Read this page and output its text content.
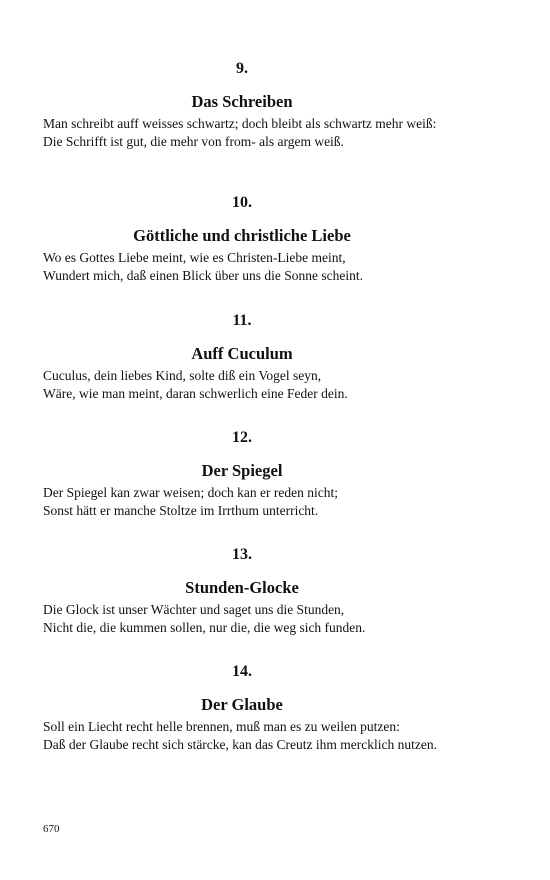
9.

Das Schreiben

Man schreibt auff weisses schwartz; doch bleibt als schwartz mehr weiß:
Die Schrifft ist gut, die mehr von from- als argem weiß.

10.

Göttliche und christliche Liebe

Wo es Gottes Liebe meint, wie es Christen-Liebe meint,
Wundert mich, daß einen Blick über uns die Sonne scheint.

11.

Auff Cuculum

Cuculus, dein liebes Kind, solte diß ein Vogel seyn,
Wäre, wie man meint, daran schwerlich eine Feder dein.

12.

Der Spiegel

Der Spiegel kan zwar weisen; doch kan er reden nicht;
Sonst hätt er manche Stoltze im Irrthum unterricht.

13.

Stunden-Glocke

Die Glock ist unser Wächter und saget uns die Stunden,
Nicht die, die kummen sollen, nur die, die weg sich funden.

14.

Der Glaube

Soll ein Liecht recht helle brennen, muß man es zu weilen putzen:
Daß der Glaube recht sich stärcke, kan das Creutz ihm mercklich nutzen.

670
